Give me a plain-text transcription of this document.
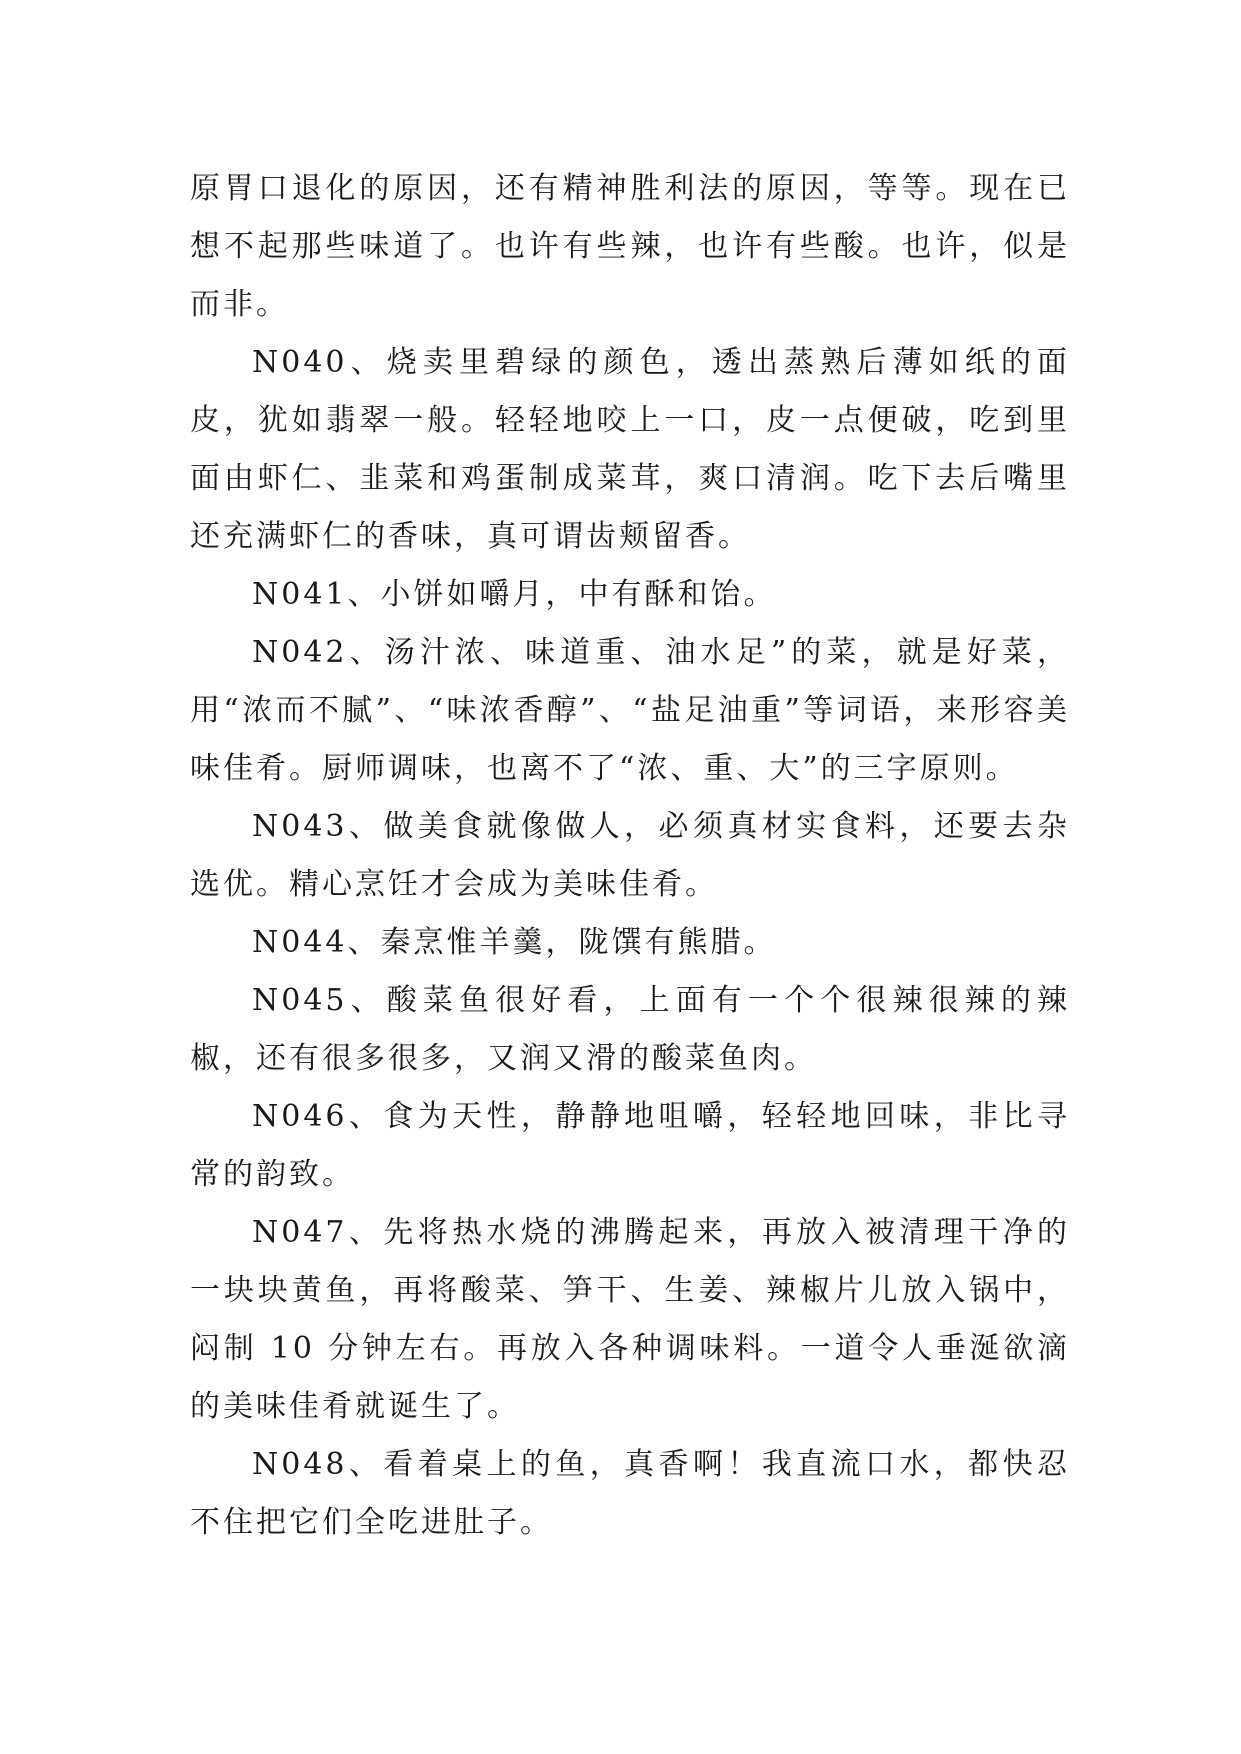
原胃口退化的原因，还有精神胜利法的原因，等等。现在已想不起那些味道了。也许有些辣，也许有些酸。也许，似是而非。

N040、烧卖里碧绿的颜色，透出蒸熟后薄如纸的面皮，犹如翡翠一般。轻轻地咬上一口，皮一点便破，吃到里面由虾仁、韭菜和鸡蛋制成菜茸，爽口清润。吃下去后嘴里还充满虾仁的香味，真可谓齿颊留香。

N041、小饼如嚼月，中有酥和饴。

N042、汤汁浓、味道重、油水足”的菜，就是好菜，用“浓而不腻”、“味浓香醇”、“盐足油重”等词语，来形容美味佳肴。厨师调味，也离不了“浓、重、大”的三字原则。

N043、做美食就像做人，必须真材实食料，还要去杂选优。精心烹饪才会成为美味佳肴。

N044、秦烹惟羊羹，陇馔有熊腊。

N045、酸菜鱼很好看，上面有一个个很辣很辣的辣椒，还有很多很多，又润又滑的酸菜鱼肉。

N046、食为天性，静静地咀嚼，轻轻地回味，非比寻常的韵致。

N047、先将热水烧的沸腾起来，再放入被清理干净的一块块黄鱼，再将酸菜、笋干、生姜、辣椒片儿放入锅中，闷制 10 分钟左右。再放入各种调味料。一道令人垂涎欲滴的美味佳肴就诞生了。

N048、看着桌上的鱼，真香啊！我直流口水，都快忍不住把它们全吃进肚子。
